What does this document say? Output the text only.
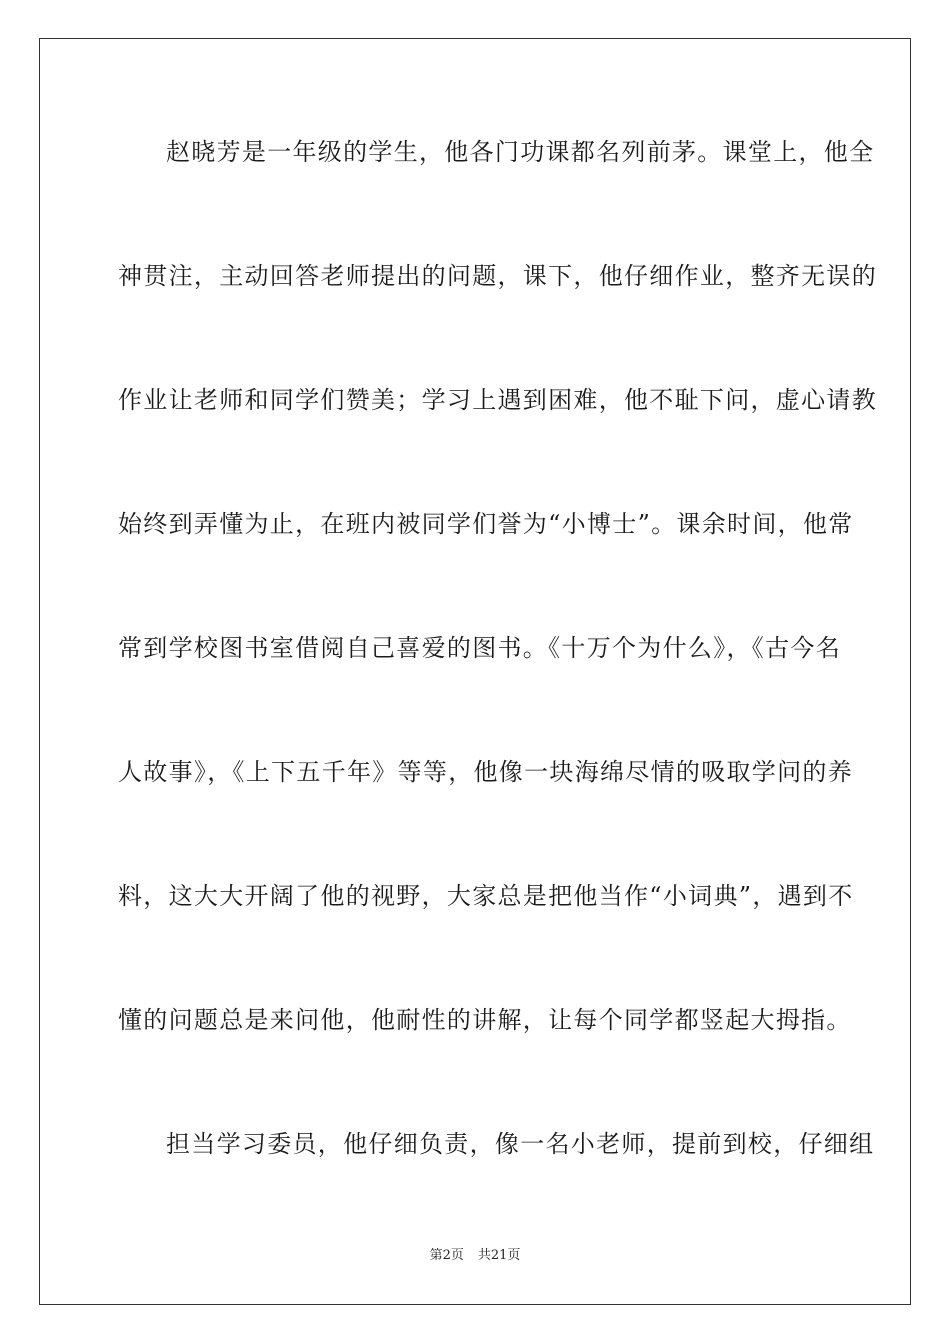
赵晓芳是一年级的学生，他各门功课都名列前茅。课堂上，他全
神贯注，主动回答老师提出的问题，课下，他仔细作业，整齐无误的
作业让老师和同学们赞美；学习上遇到困难，他不耻下问，虚心请教
始终到弄懂为止，在班内被同学们誉为“小博士”。课余时间，他常
常到学校图书室借阅自己喜爱的图书。《十万个为什么》，《古今名
人故事》，《上下五千年》等等，他像一块海绵尽情的吸取学问的养
料，这大大开阔了他的视野，大家总是把他当作“小词典”，遇到不
懂的问题总是来问他，他耐性的讲解，让每个同学都竖起大拇指。
担当学习委员，他仔细负责，像一名小老师，提前到校，仔细组
第2页 共21页
